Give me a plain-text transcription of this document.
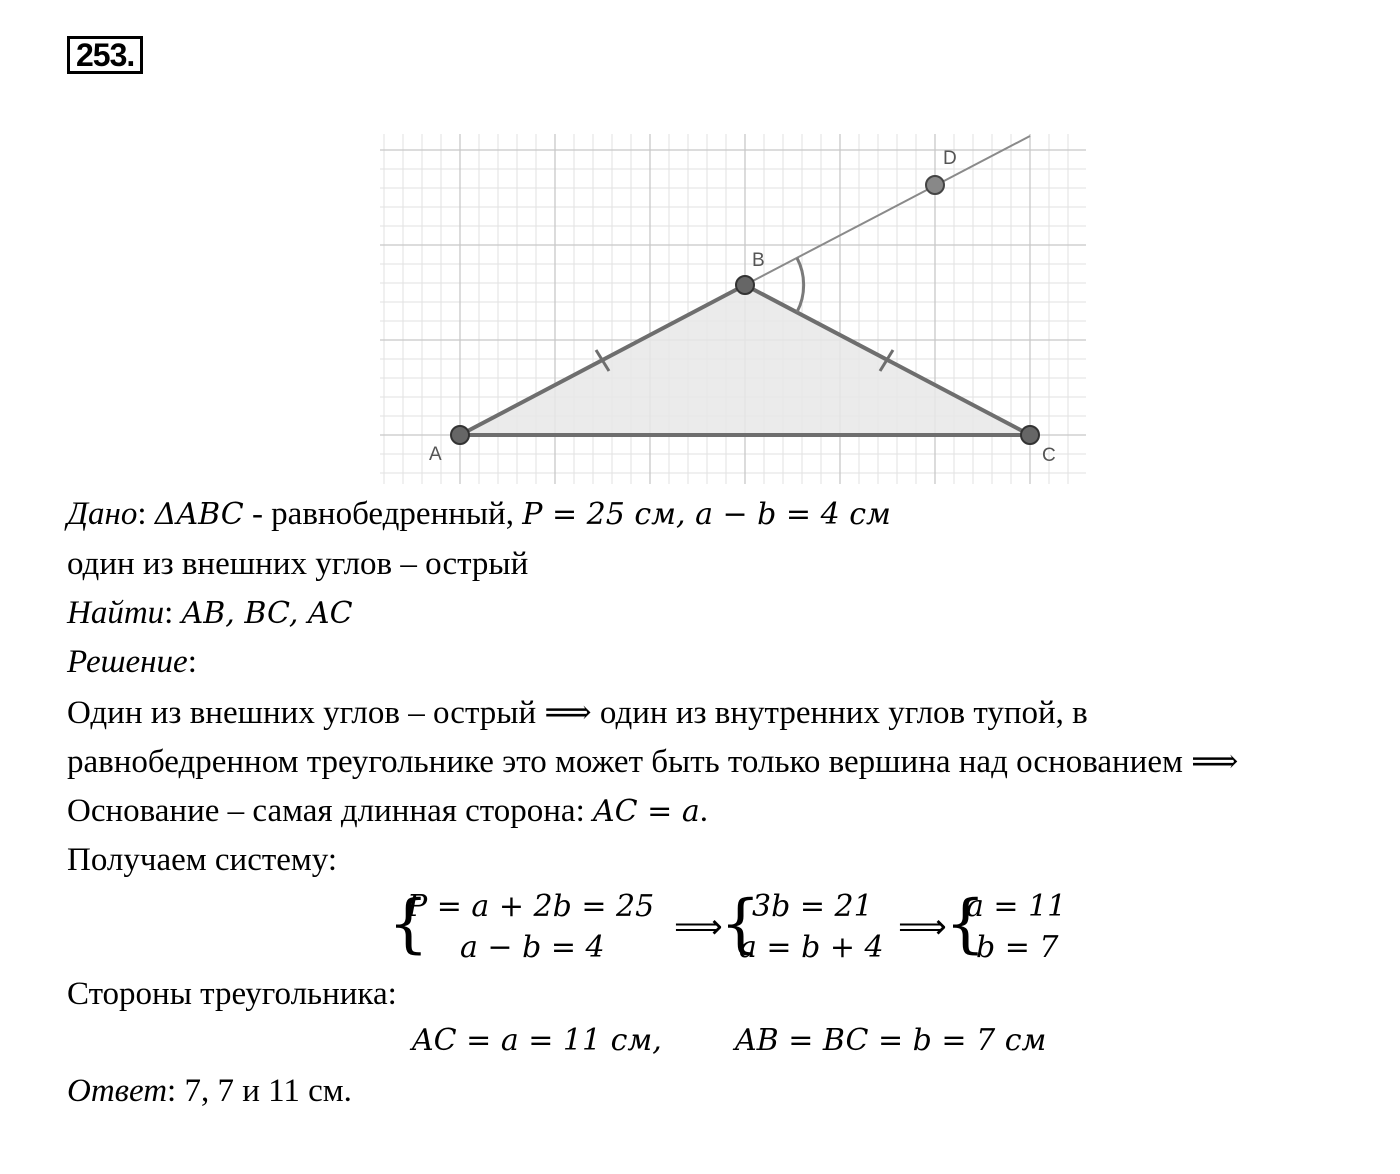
253.
A
B
C
D
Дано: ΔABC - равнобедренный, P = 25 см, a − b = 4 см
один из внешних углов – острый
Найти: AB, BC, AC
Решение:
Один из внешних углов – острый ⟹ один из внутренних углов тупой, в
равнобедренном треугольнике это может быть только вершина над основанием ⟹
Основание – самая длинная сторона: AC = a.
Получаем систему:
{
P = a + 2b = 25
a − b = 4
⟹
{
3b = 21
a = b + 4
⟹
{
a = 11
b = 7
Стороны треугольника:
AC = a = 11 см, AB = BC = b = 7 см
Ответ: 7, 7 и 11 см.
